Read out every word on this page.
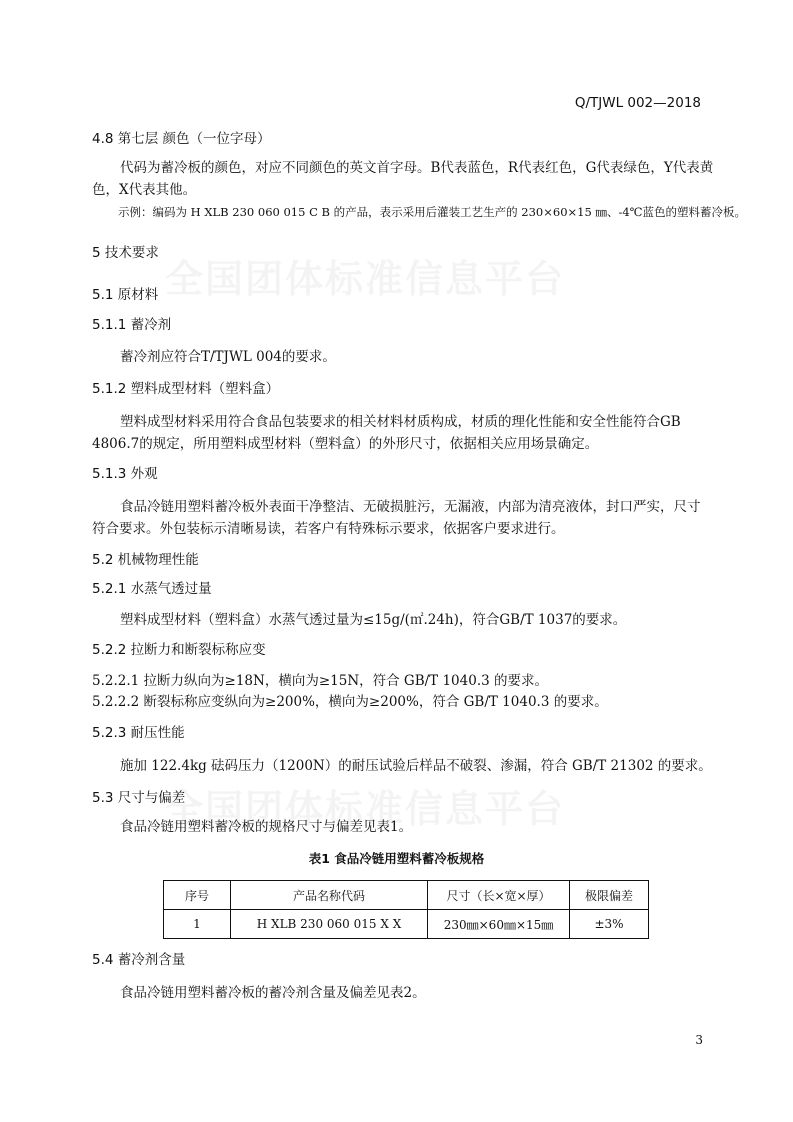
Q/TJWL 002—2018
4.8 第七层 颜色（一位字母）
代码为蓄冷板的颜色，对应不同颜色的英文首字母。B代表蓝色，R代表红色，G代表绿色，Y代表黄
色，X代表其他。
示例：编码为 H XLB 230 060 015 C B 的产品，表示采用后灌装工艺生产的 230×60×15 ㎜、-4℃蓝色的塑料蓄冷板。
5 技术要求
5.1 原材料
5.1.1 蓄冷剂
蓄冷剂应符合T/TJWL 004的要求。
5.1.2 塑料成型材料（塑料盒）
塑料成型材料采用符合食品包装要求的相关材料材质构成，材质的理化性能和安全性能符合GB
4806.7的规定，所用塑料成型材料（塑料盒）的外形尺寸，依据相关应用场景确定。
5.1.3 外观
食品冷链用塑料蓄冷板外表面干净整洁、无破损脏污，无漏液，内部为清亮液体，封口严实，尺寸
符合要求。外包装标示清晰易读，若客户有特殊标示要求，依据客户要求进行。
5.2 机械物理性能
5.2.1 水蒸气透过量
塑料成型材料（塑料盒）水蒸气透过量为≤15g/(㎡.24h)，符合GB/T 1037的要求。
5.2.2 拉断力和断裂标称应变
5.2.2.1 拉断力纵向为≥18N，横向为≥15N，符合 GB/T 1040.3 的要求。
5.2.2.2 断裂标称应变纵向为≥200%，横向为≥200%，符合 GB/T 1040.3 的要求。
5.2.3 耐压性能
施加 122.4kg 砝码压力（1200N）的耐压试验后样品不破裂、渗漏，符合 GB/T 21302 的要求。
5.3 尺寸与偏差
食品冷链用塑料蓄冷板的规格尺寸与偏差见表1。
表1 食品冷链用塑料蓄冷板规格
序号	产品名称代码	尺寸（长×宽×厚）	极限偏差
1	H XLB 230 060 015 X X	230㎜×60㎜×15㎜	±3%
5.4 蓄冷剂含量
食品冷链用塑料蓄冷板的蓄冷剂含量及偏差见表2。
3
